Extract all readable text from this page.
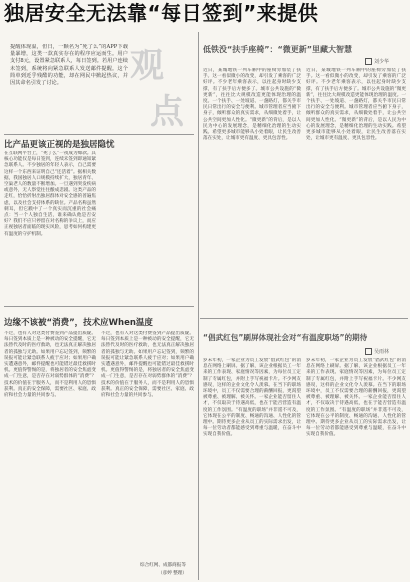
独居安全无法靠“每日签到”来提供
观
点
提醒体现温，但日，一颗名为“死了么”的APP下载量暴增，这类一款真实存在的程序应运而生。用户支付8元，设置紧急联系人，每日签到。若用户连续未签到，系统将向紧急联系人发送邮件提醒。这个简单到近乎残酷的功能，却在网民中掀起热议，并因其命名引发了讨论。
比产品更该正视的是独居隐忧
在互联网平台上，“死了么”一夜成为爆款。其核心功能仅是每日签到，连续未签到即通知紧急联系人。不少独居的年轻人表示，自己需要这样一个东西来证明自己“还活着”。据相关数据，我国独居人口规模持续扩大，独居青年、空巢老人的数量不断增加。一旦遇到突发疾病或意外，无人察觉往往酿成悲剧。这类产品的走红，恰恰折射出独居群体对安全感的普遍焦虑，以及社会支持体系的缺位。产品名称虽然刺耳，但它戳中了一个真实而沉重的社会痛点：当一个人独自生活，谁来确认他是否安好？我们不应只停留在对名称的争议上，而应正视独居者面临的现实风险，思考如何构建更有温度的守护机制。
边缘不该被“消费”，技术应When温度
不过，也有人对这类付费签到产品提出质疑。每日签到本质上是一种被动的安全提醒，它无法替代及时的医疗救助，也无法真正解决独居者的孤独与无助。如果用户忘记签到，频繁的误报可能让紧急联系人疲于应对；如果用户确实遭遇意外，邮件提醒也可能错过最佳救援时机。更值得警惕的是，将独居者的安全焦虑变成一门生意，是否存在对弱势群体的“消费”？技术的价值在于服务人，而不是利用人的恐惧获利。真正的安全保障，需要社区、家庭、政府和社会力量的共同参与。
不过，也有人对这类付费签到产品提出质疑。每日签到本质上是一种被动的安全提醒，它无法替代及时的医疗救助，也无法真正解决独居者的孤独与无助。如果用户忘记签到，频繁的误报可能让紧急联系人疲于应对；如果用户确实遭遇意外，邮件提醒也可能错过最佳救援时机。更值得警惕的是，将独居者的安全焦虑变成一门生意，是否存在对弱势群体的“消费”？技术的价值在于服务人，而不是利用人的恐惧获利。真正的安全保障，需要社区、家庭、政府和社会力量的共同参与。
综合红网、成都商报等
（彦婷 整理）
低铁没“扶手座椅”：“微更新”里藏大智慧
刘少华
近日，某城地铁一列车厢中的座椅旁加装了扶手。这一看似微小的改变，却引发了乘客的广泛好评。不少老年乘客表示，以往起身时缺少支撑，有了扶手后方便多了。城市公共设施的“微更新”，往往比大规模改造更能体现治理的温度。一个扶手、一处坡道、一盏路灯，都关乎市民日常出行的安全与便利。城市管理者应当俯下身子，倾听群众的真实需求，从细微处着手，让公共空间更加人性化。“微更新”的背后，是以人民为中心的发展理念，是精细化治理的生动实践。希望更多城市能够从小处着眼，让民生改善落在实处，让城市更有温度、更具包容性。
近日，某城地铁一列车厢中的座椅旁加装了扶手。这一看似微小的改变，却引发了乘客的广泛好评。不少老年乘客表示，以往起身时缺少支撑，有了扶手后方便多了。城市公共设施的“微更新”，往往比大规模改造更能体现治理的温度。一个扶手、一处坡道、一盏路灯，都关乎市民日常出行的安全与便利。城市管理者应当俯下身子，倾听群众的真实需求，从细微处着手，让公共空间更加人性化。“微更新”的背后，是以人民为中心的发展理念，是精细化治理的生动实践。希望更多城市能够从小处着眼，让民生改善落在实处，让城市更有温度、更具包容性。
“倡武红包”刷屏体现社会对“有温度职场”的期待
吴雨林
岁末年初，一家企业为员工发放“倡武红包”的消息在网络上刷屏。据了解，该企业根据员工一年来的工作表现、家庭情况等因素，为每位员工定制了专属红包，并附上手写祝福卡片。不少网友感叹，这样的企业文化令人羡慕。在当下的职场环境中，员工不仅需要合理的薪酬回报，更渴望被尊重、被理解、被关怀。一家企业能否留住人才，不仅取决于待遇高低，也在于能否营造有温度的工作氛围。“有温度的职场”并非遥不可及，它体现在公平的制度、畅通的沟通、人性化的管理中。期待更多企业从员工的实际需求出发，让每一位劳动者都能感受到尊重与温暖，在奋斗中实现自我价值。
岁末年初，一家企业为员工发放“倡武红包”的消息在网络上刷屏。据了解，该企业根据员工一年来的工作表现、家庭情况等因素，为每位员工定制了专属红包，并附上手写祝福卡片。不少网友感叹，这样的企业文化令人羡慕。在当下的职场环境中，员工不仅需要合理的薪酬回报，更渴望被尊重、被理解、被关怀。一家企业能否留住人才，不仅取决于待遇高低，也在于能否营造有温度的工作氛围。“有温度的职场”并非遥不可及，它体现在公平的制度、畅通的沟通、人性化的管理中。期待更多企业从员工的实际需求出发，让每一位劳动者都能感受到尊重与温暖，在奋斗中实现自我价值。
